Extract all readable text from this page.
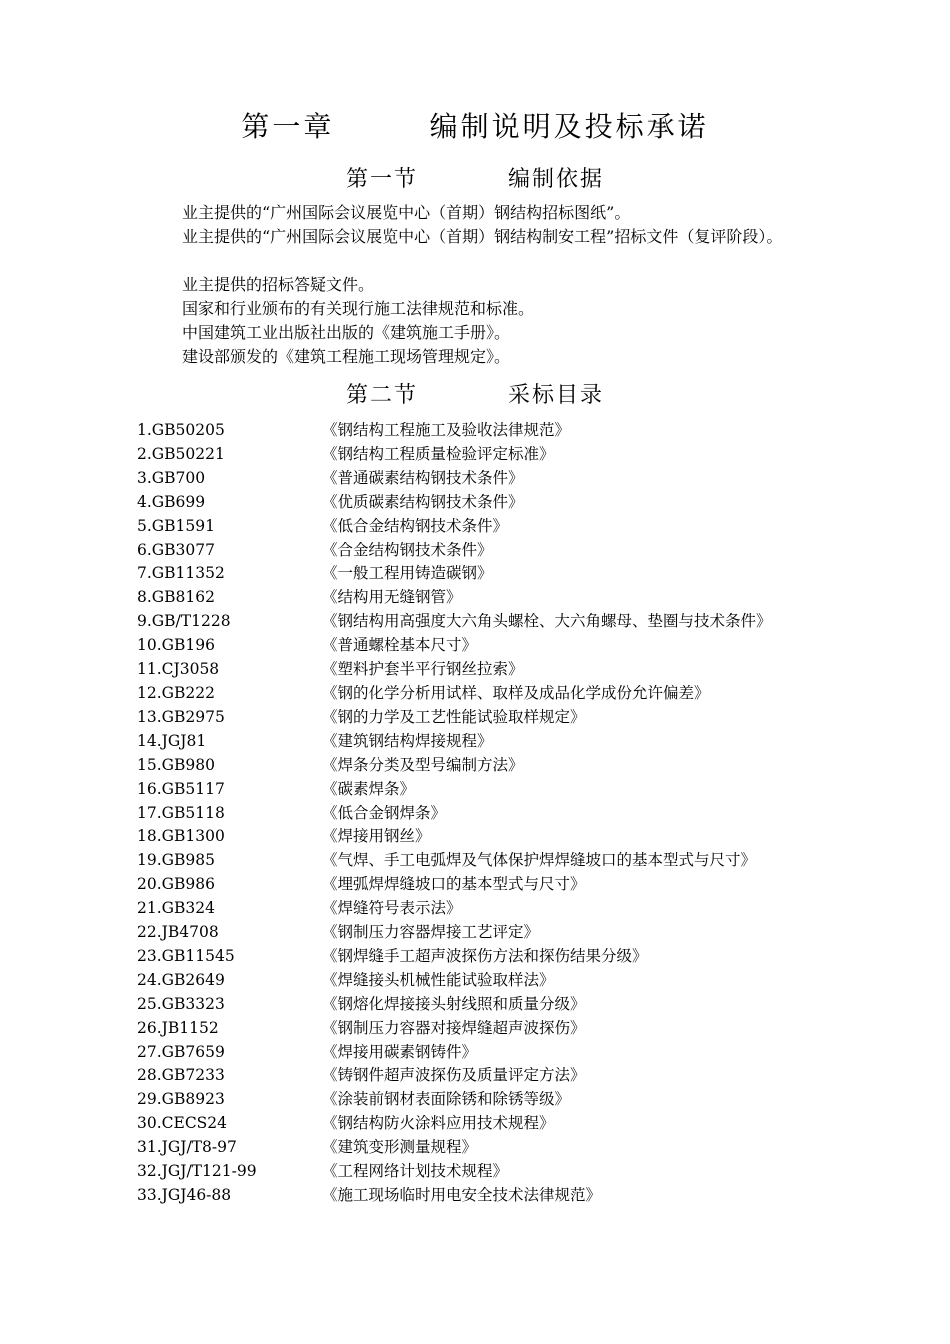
第一章        编制说明及投标承诺
第一节          编制依据
业主提供的“广州国际会议展览中心（首期）钢结构招标图纸”。
业主提供的“广州国际会议展览中心（首期）钢结构制安工程”招标文件（复评阶段）。
业主提供的招标答疑文件。
国家和行业颁布的有关现行施工法律规范和标准。
中国建筑工业出版社出版的《建筑施工手册》。
建设部颁发的《建筑工程施工现场管理规定》。
第二节          采标目录
1.GB50205	《钢结构工程施工及验收法律规范》
2.GB50221	《钢结构工程质量检验评定标准》
3.GB700	《普通碳素结构钢技术条件》
4.GB699	《优质碳素结构钢技术条件》
5.GB1591	《低合金结构钢技术条件》
6.GB3077	《合金结构钢技术条件》
7.GB11352	《一般工程用铸造碳钢》
8.GB8162	《结构用无缝钢管》
9.GB/T1228	《钢结构用高强度大六角头螺栓、大六角螺母、垫圈与技术条件》
10.GB196	《普通螺栓基本尺寸》
11.CJ3058	《塑料护套半平行钢丝拉索》
12.GB222	《钢的化学分析用试样、取样及成品化学成份允许偏差》
13.GB2975	《钢的力学及工艺性能试验取样规定》
14.JGJ81	《建筑钢结构焊接规程》
15.GB980	《焊条分类及型号编制方法》
16.GB5117	《碳素焊条》
17.GB5118	《低合金钢焊条》
18.GB1300	《焊接用钢丝》
19.GB985	《气焊、手工电弧焊及气体保护焊焊缝坡口的基本型式与尺寸》
20.GB986	《埋弧焊焊缝坡口的基本型式与尺寸》
21.GB324	《焊缝符号表示法》
22.JB4708	《钢制压力容器焊接工艺评定》
23.GB11545	《钢焊缝手工超声波探伤方法和探伤结果分级》
24.GB2649	《焊缝接头机械性能试验取样法》
25.GB3323	《钢熔化焊接接头射线照和质量分级》
26.JB1152	《钢制压力容器对接焊缝超声波探伤》
27.GB7659	《焊接用碳素钢铸件》
28.GB7233	《铸钢件超声波探伤及质量评定方法》
29.GB8923	《涂装前钢材表面除锈和除锈等级》
30.CECS24	《钢结构防火涂料应用技术规程》
31.JGJ/T8-97	《建筑变形测量规程》
32.JGJ/T121-99	《工程网络计划技术规程》
33.JGJ46-88	《施工现场临时用电安全技术法律规范》
